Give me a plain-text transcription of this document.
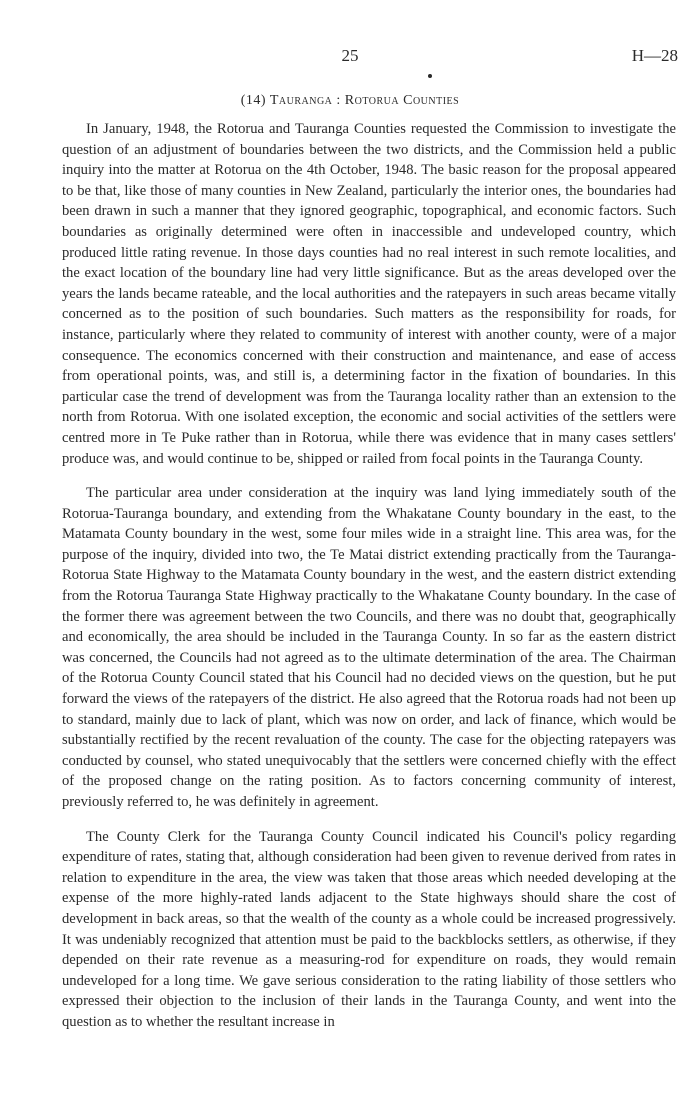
25	H—28
(14) Tauranga : Rotorua Counties

In January, 1948, the Rotorua and Tauranga Counties requested the Commission to investigate the question of an adjustment of boundaries between the two districts, and the Commission held a public inquiry into the matter at Rotorua on the 4th October, 1948. The basic reason for the proposal appeared to be that, like those of many counties in New Zealand, particularly the interior ones, the boundaries had been drawn in such a manner that they ignored geographic, topographical, and economic factors. Such boundaries as originally determined were often in inaccessible and undeveloped country, which produced little rating revenue. In those days counties had no real interest in such remote localities, and the exact location of the boundary line had very little significance. But as the areas developed over the years the lands became rateable, and the local authorities and the ratepayers in such areas became vitally concerned as to the position of such boundaries. Such matters as the responsibility for roads, for instance, particularly where they related to community of interest with another county, were of a major consequence. The economics concerned with their construction and maintenance, and ease of access from operational points, was, and still is, a determining factor in the fixation of boundaries. In this particular case the trend of development was from the Tauranga locality rather than an extension to the north from Rotorua. With one isolated exception, the economic and social activities of the settlers were centred more in Te Puke rather than in Rotorua, while there was evidence that in many cases settlers' produce was, and would continue to be, shipped or railed from focal points in the Tauranga County.

The particular area under consideration at the inquiry was land lying immediately south of the Rotorua-Tauranga boundary, and extending from the Whakatane County boundary in the east, to the Matamata County boundary in the west, some four miles wide in a straight line. This area was, for the purpose of the inquiry, divided into two, the Te Matai district extending practically from the Tauranga-Rotorua State Highway to the Matamata County boundary in the west, and the eastern district extending from the Rotorua Tauranga State Highway practically to the Whakatane County boundary. In the case of the former there was agreement between the two Councils, and there was no doubt that, geographically and economically, the area should be included in the Tauranga County. In so far as the eastern district was concerned, the Councils had not agreed as to the ultimate determination of the area. The Chairman of the Rotorua County Council stated that his Council had no decided views on the question, but he put forward the views of the ratepayers of the district. He also agreed that the Rotorua roads had not been up to standard, mainly due to lack of plant, which was now on order, and lack of finance, which would be substantially rectified by the recent revaluation of the county. The case for the objecting ratepayers was conducted by counsel, who stated unequivocably that the settlers were concerned chiefly with the effect of the proposed change on the rating position. As to factors concerning community of interest, previously referred to, he was definitely in agreement.

The County Clerk for the Tauranga County Council indicated his Council's policy regarding expenditure of rates, stating that, although consideration had been given to revenue derived from rates in relation to expenditure in the area, the view was taken that those areas which needed developing at the expense of the more highly-rated lands adjacent to the State highways should share the cost of development in back areas, so that the wealth of the county as a whole could be increased progressively. It was undeniably recognized that attention must be paid to the backblocks settlers, as otherwise, if they depended on their rate revenue as a measuring-rod for expenditure on roads, they would remain undeveloped for a long time. We gave serious consideration to the rating liability of those settlers who expressed their objection to the inclusion of their lands in the Tauranga County, and went into the question as to whether the resultant increase in
